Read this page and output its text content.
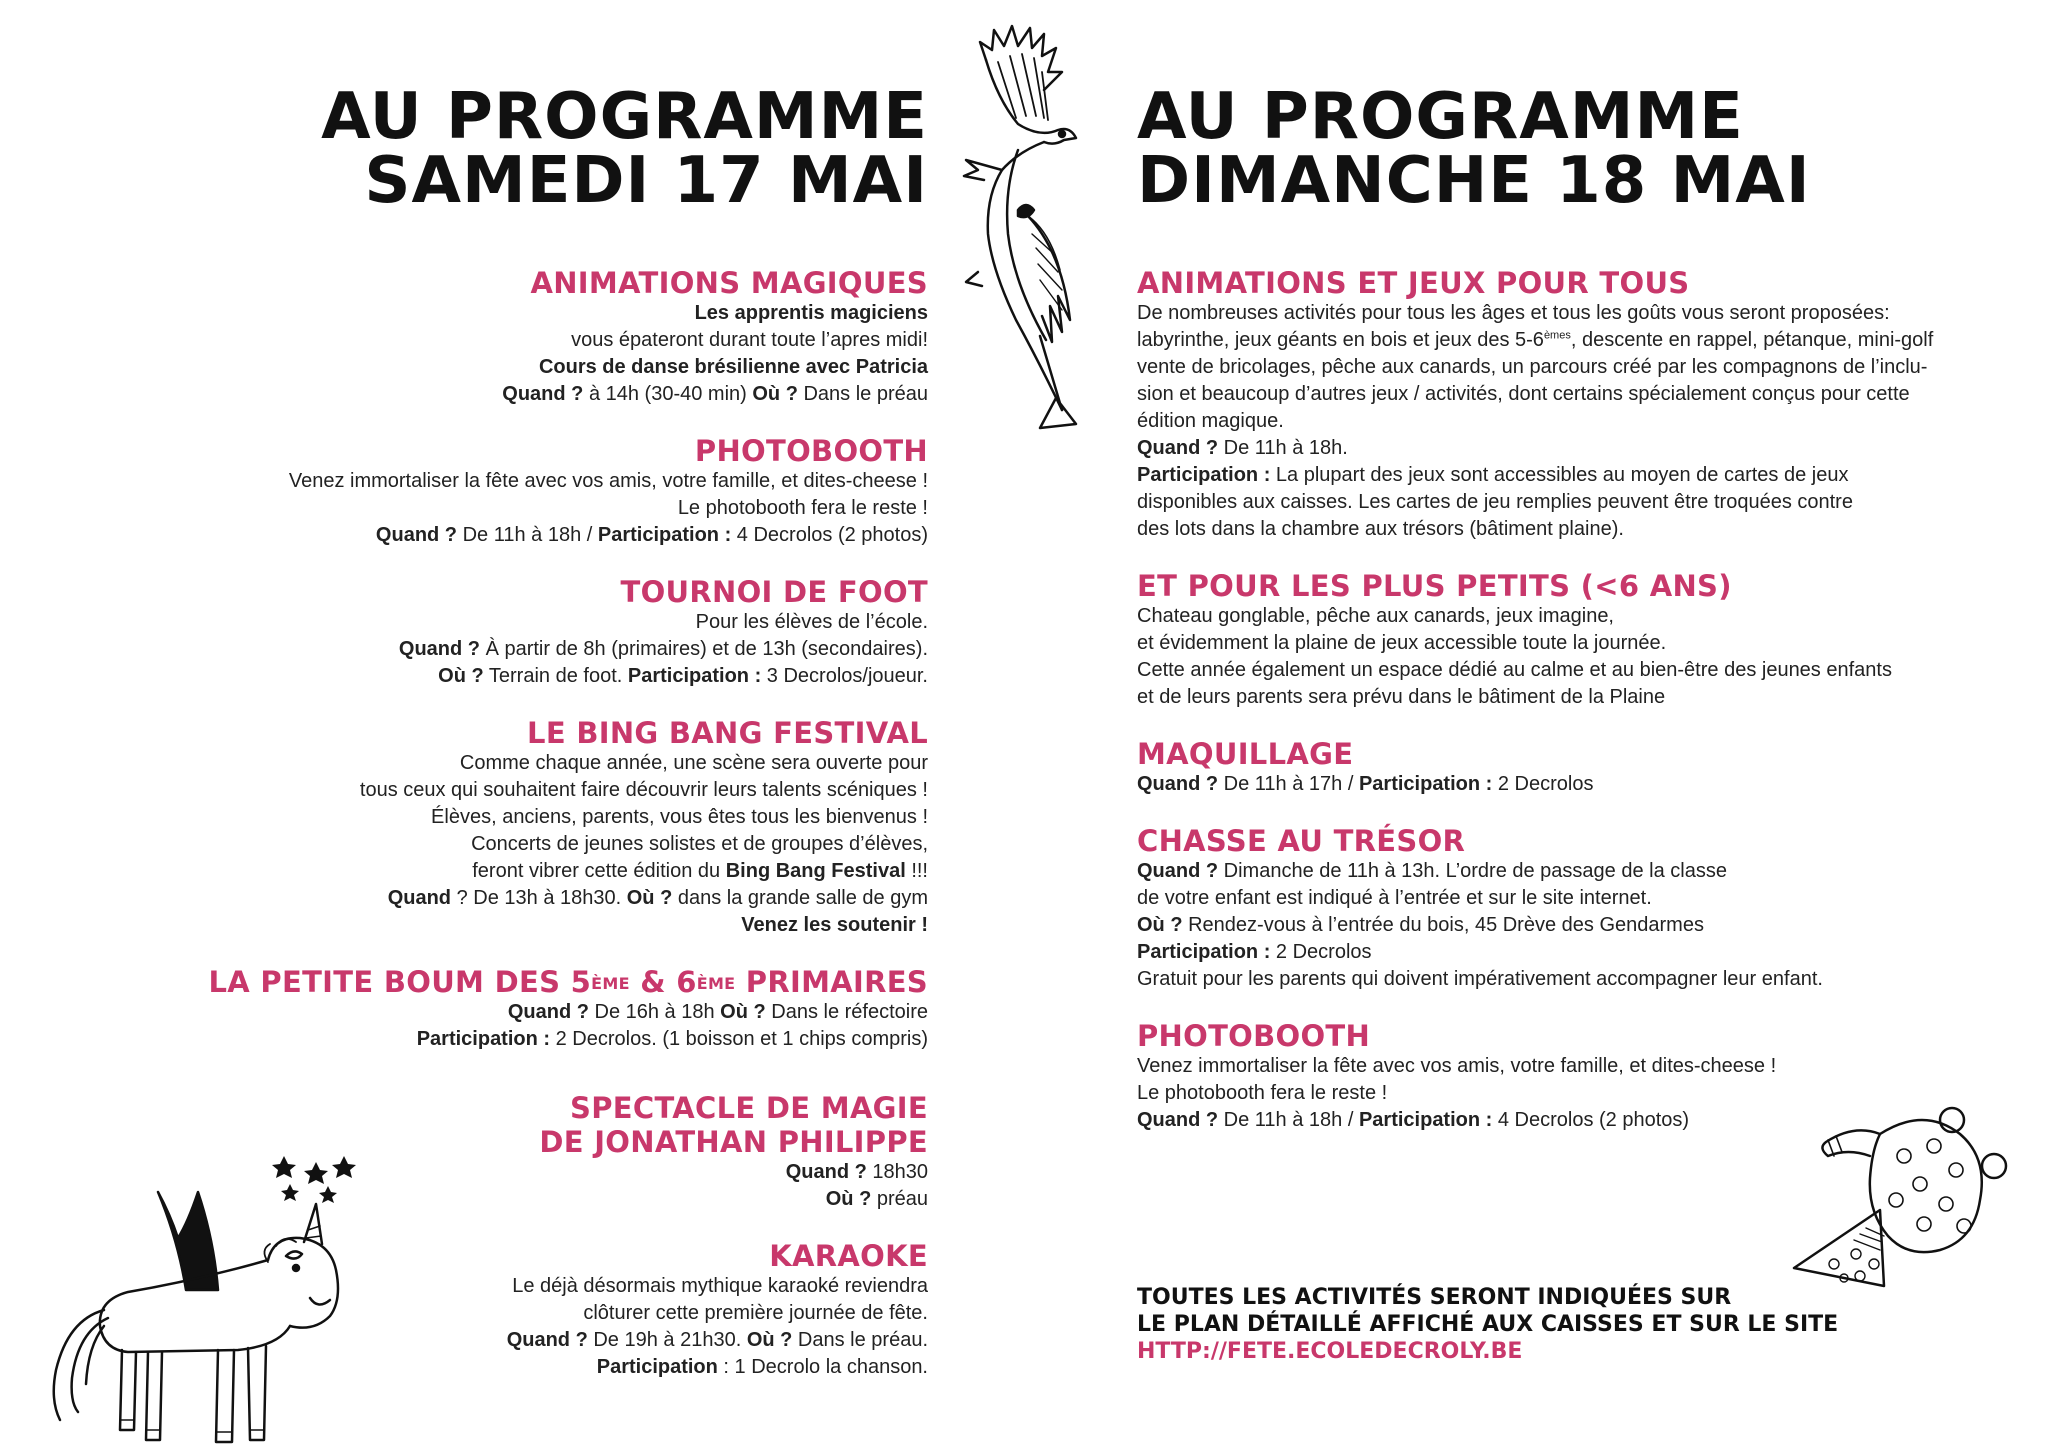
AU PROGRAMME
SAMEDI 17 MAI
ANIMATIONS MAGIQUES

Les apprentis magiciens

vous épateront durant toute l’apres midi!

Cours de danse brésilienne avec Patricia

Quand ? à 14h (30-40 min) Où ? Dans le préau

PHOTOBOOTH

Venez immortaliser la fête avec vos amis, votre famille, et dites-cheese !

Le photobooth fera le reste !

Quand ? De 11h à 18h / Participation : 4 Decrolos (2 photos)

TOURNOI DE FOOT

Pour les élèves de l’école.

Quand ? À partir de 8h (primaires) et de 13h (secondaires).

Où ? Terrain de foot. Participation : 3 Decrolos/joueur.

LE BING BANG FESTIVAL

Comme chaque année, une scène sera ouverte pour

tous ceux qui souhaitent faire découvrir leurs talents scéniques !

Élèves, anciens, parents, vous êtes tous les bienvenus !

Concerts de jeunes solistes et de groupes d’élèves,

feront vibrer cette édition du Bing Bang Festival !!!

Quand ? De 13h à 18h30. Où ? dans la grande salle de gym

Venez les soutenir !

LA PETITE BOUM DES 5ÈME & 6ÈME PRIMAIRES

Quand ? De 16h à 18h Où ? Dans le réfectoire

Participation : 2 Decrolos. (1 boisson et 1 chips compris)

SPECTACLE DE MAGIE
DE JONATHAN PHILIPPE

Quand ? 18h30

Où ? préau

KARAOKE

Le déjà désormais mythique karaoké reviendra

clôturer cette première journée de fête.

Quand ? De 19h à 21h30. Où ? Dans le préau.

Participation : 1 Decrolo la chanson.

AU PROGRAMME
DIMANCHE 18 MAI
ANIMATIONS ET JEUX POUR TOUS

De nombreuses activités pour tous les âges et tous les goûts vous seront proposées:

labyrinthe, jeux géants en bois et jeux des 5-6èmes, descente en rappel, pétanque, mini-golf

vente de bricolages, pêche aux canards, un parcours créé par les compagnons de l’inclu-

sion et beaucoup d’autres jeux / activités, dont certains spécialement conçus pour cette

édition magique.

Quand ? De 11h à 18h.

Participation : La plupart des jeux sont accessibles au moyen de cartes de jeux

disponibles aux caisses. Les cartes de jeu remplies peuvent être troquées contre

des lots dans la chambre aux trésors (bâtiment plaine).

ET POUR LES PLUS PETITS (<6 ANS)

Chateau gonglable, pêche aux canards, jeux imagine,

et évidemment la plaine de jeux accessible toute la journée.

Cette année également un espace dédié au calme et au bien-être des jeunes enfants

et de leurs parents sera prévu dans le bâtiment de la Plaine

MAQUILLAGE

Quand ? De 11h à 17h / Participation : 2 Decrolos

CHASSE AU TRÉSOR

Quand ? Dimanche de 11h à 13h. L’ordre de passage de la classe

de votre enfant est indiqué à l’entrée et sur le site internet.

Où ? Rendez-vous à l’entrée du bois, 45 Drève des Gendarmes

Participation : 2 Decrolos

Gratuit pour les parents qui doivent impérativement accompagner leur enfant.

PHOTOBOOTH

Venez immortaliser la fête avec vos amis, votre famille, et dites-cheese !

Le photobooth fera le reste !

Quand ? De 11h à 18h / Participation : 4 Decrolos (2 photos)

TOUTES LES ACTIVITÉS SERONT INDIQUÉES SUR

LE PLAN DÉTAILLÉ AFFICHÉ AUX CAISSES ET SUR LE SITE

HTTP://FETE.ECOLEDECROLY.BE
